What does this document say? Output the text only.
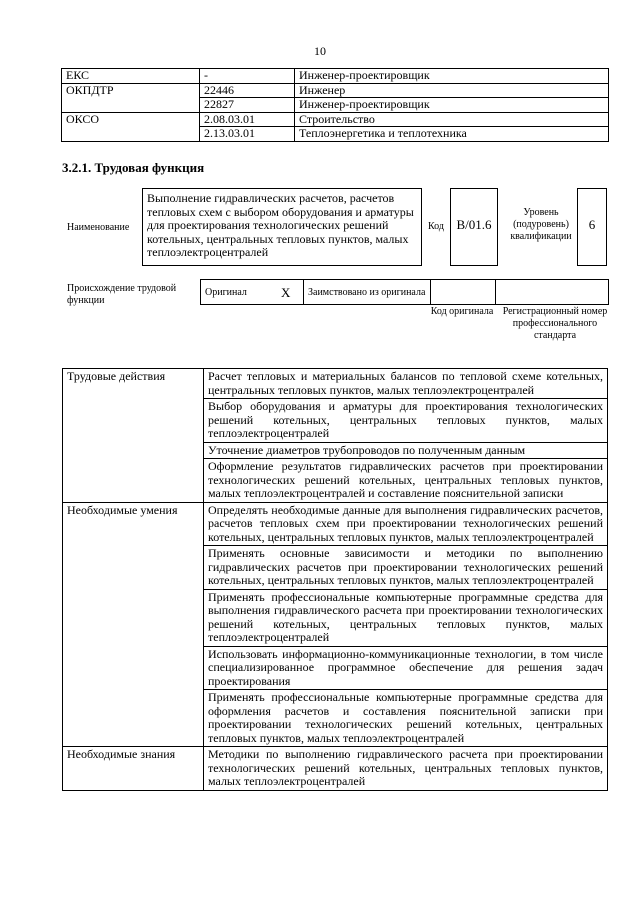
10
ЕКС	-	Инженер-проектировщик
ОКПДТР	22446	Инженер
	22827	Инженер-проектировщик
ОКСО	2.08.03.01	Строительство
	2.13.03.01	Теплоэнергетика и теплотехника
3.2.1. Трудовая функция
Наименование
Выполнение гидравлических расчетов, расчетов тепловых схем с выбором оборудования и арматуры для проектирования технологических решений котельных, центральных тепловых пунктов, малых теплоэлектроцентралей
Код B/01.6
Уровень (подуровень) квалификации
6
Происхождение трудовой функции
Оригинал	X	Заимствовано из оригинала		
Код оригинала Регистрационный номер профессионального стандарта
Трудовые действия	Расчет тепловых и материальных балансов по тепловой схеме котельных, центральных тепловых пунктов, малых теплоэлектроцентралей
	Выбор оборудования и арматуры для проектирования технологических решений котельных, центральных тепловых пунктов, малых теплоэлектроцентралей
	Уточнение диаметров трубопроводов по полученным данным
	Оформление результатов гидравлических расчетов при проектировании технологических решений котельных, центральных тепловых пунктов, малых теплоэлектроцентралей и составление пояснительной записки
Необходимые умения	Определять необходимые данные для выполнения гидравлических расчетов, расчетов тепловых схем при проектировании технологических решений котельных, центральных тепловых пунктов, малых теплоэлектроцентралей
	Применять основные зависимости и методики по выполнению гидравлических расчетов при проектировании технологических решений котельных, центральных тепловых пунктов, малых теплоэлектроцентралей
	Применять профессиональные компьютерные программные средства для выполнения гидравлического расчета при проектировании технологических решений котельных, центральных тепловых пунктов, малых теплоэлектроцентралей
	Использовать информационно-коммуникационные технологии, в том числе специализированное программное обеспечение для решения задач проектирования
	Применять профессиональные компьютерные программные средства для оформления расчетов и составления пояснительной записки при проектировании технологических решений котельных, центральных тепловых пунктов, малых теплоэлектроцентралей
Необходимые знания	Методики по выполнению гидравлического расчета при проектировании технологических решений котельных, центральных тепловых пунктов, малых теплоэлектроцентралей
